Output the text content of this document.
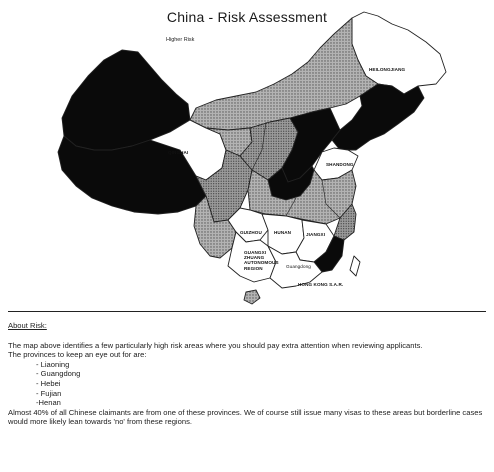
China - Risk Assessment
Higher Risk
HEILONGJIANG
QINGHAI
SHANDONG
HUNAN	JIANGXI
GUIZHOU
GUANGXI
ZHUANG
AUTONOMOUS
REGION	Guangdong
HONG KONG S.A.R.
About Risk:

The map above identifies a few particularly high risk areas where you should pay extra attention when reviewing applicants.

The provinces to keep an eye out for are:

- Liaoning
- Guangdong
- Hebei
- Fujian
-Henan

Almost 40% of all Chinese claimants are from one of these provinces. We of course still issue many visas to these areas but borderline cases would more likely lean towards 'no' from these regions.
